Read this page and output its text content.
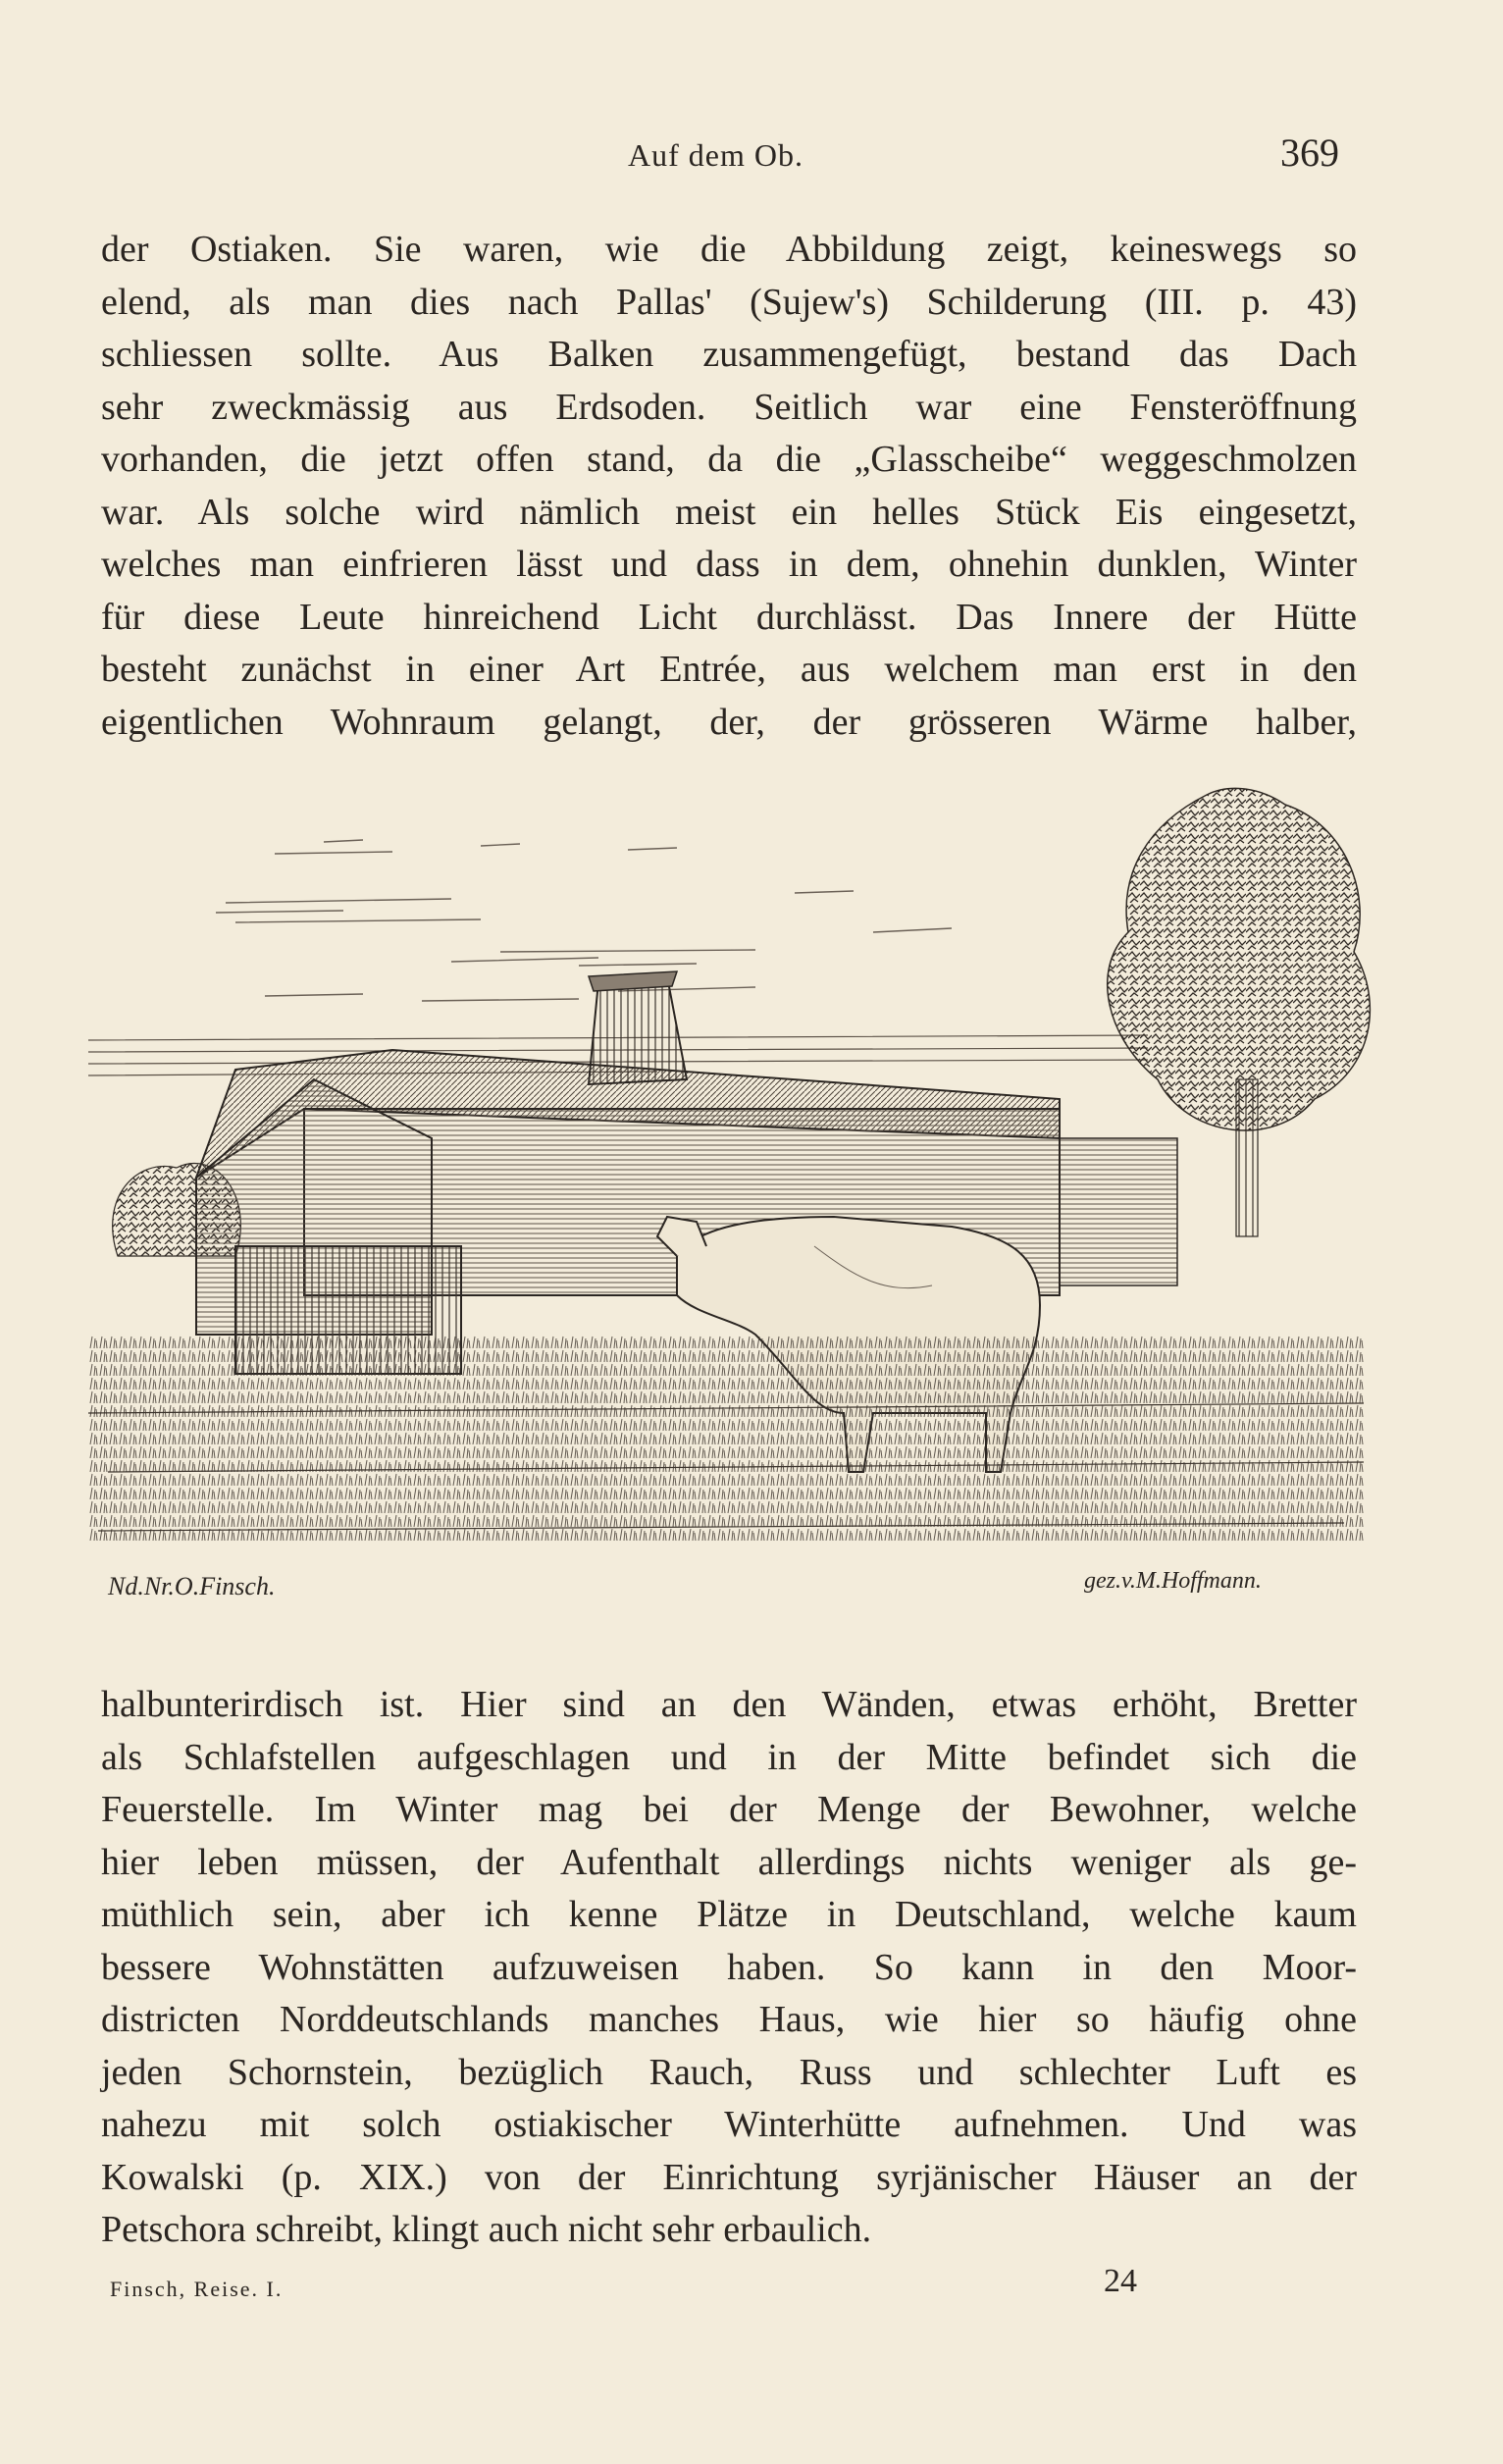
Auf dem Ob.	369

der Ostiaken. Sie waren, wie die Abbildung zeigt, keineswegs so

elend, als man dies nach Pallas' (Sujew's) Schilderung (III. p. 43)

schliessen sollte. Aus Balken zusammengefügt, bestand das Dach

sehr zweckmässig aus Erdsoden. Seitlich war eine Fensteröffnung

vorhanden, die jetzt offen stand, da die „Glasscheibe“ weggeschmolzen

war. Als solche wird nämlich meist ein helles Stück Eis eingesetzt,

welches man einfrieren lässt und dass in dem, ohnehin dunklen, Winter

für diese Leute hinreichend Licht durchlässt. Das Innere der Hütte

besteht zunächst in einer Art Entrée, aus welchem man erst in den

eigentlichen Wohnraum gelangt, der, der grösseren Wärme halber,

Nd.Nr.O.Finsch.	gez.v.M.Hoffmann.

halbunterirdisch ist. Hier sind an den Wänden, etwas erhöht, Bretter

als Schlafstellen aufgeschlagen und in der Mitte befindet sich die

Feuerstelle. Im Winter mag bei der Menge der Bewohner, welche

hier leben müssen, der Aufenthalt allerdings nichts weniger als ge-

müthlich sein, aber ich kenne Plätze in Deutschland, welche kaum

bessere Wohnstätten aufzuweisen haben. So kann in den Moor-

districten Norddeutschlands manches Haus, wie hier so häufig ohne

jeden Schornstein, bezüglich Rauch, Russ und schlechter Luft es

nahezu mit solch ostiakischer Winterhütte aufnehmen. Und was

Kowalski (p. XIX.) von der Einrichtung syrjänischer Häuser an der

Petschora schreibt, klingt auch nicht sehr erbaulich.

Finsch, Reise. I.	24
